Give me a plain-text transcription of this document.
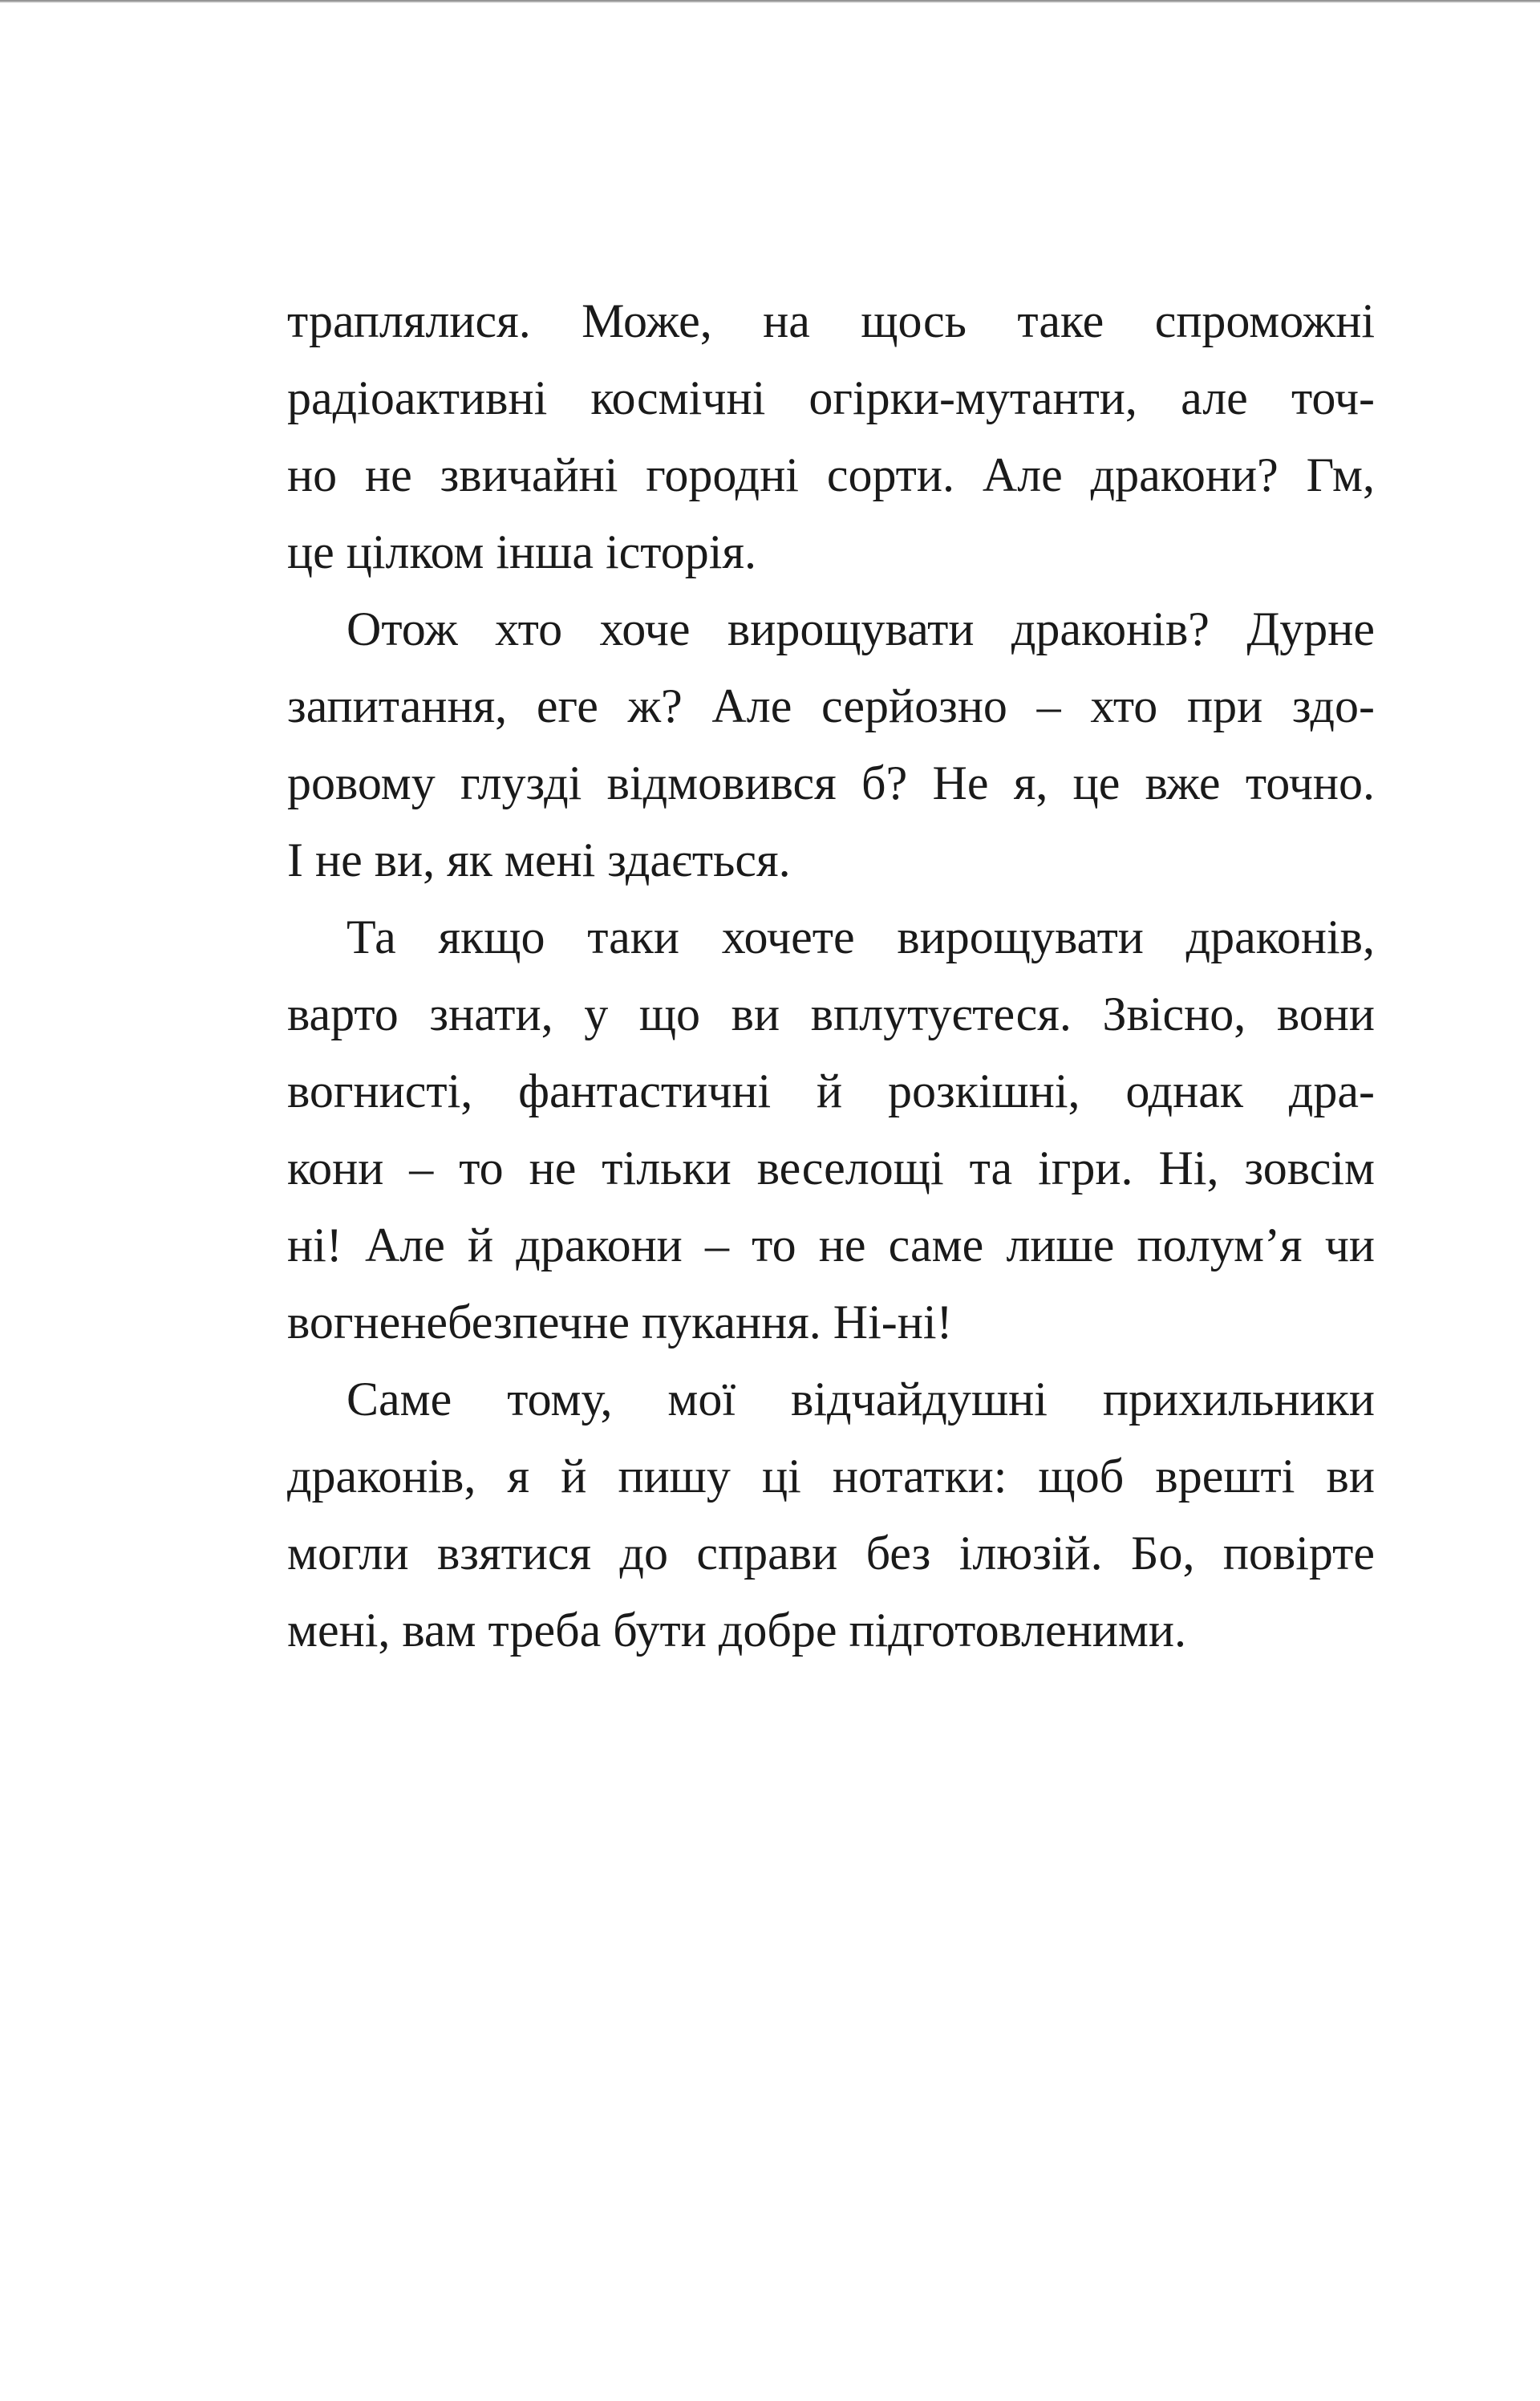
траплялися. Може, на щось таке спроможні
радіоактивні космічні огірки-мутанти, але точ-
но не звичайні городні сорти. Але дракони? Гм,
це цілком інша історія.

Отож хто хоче вирощувати драконів? Дурне
запитання, еге ж? Але серйозно – хто при здо-
ровому глузді відмовився б? Не я, це вже точно.
І не ви, як мені здається.

Та якщо таки хочете вирощувати драконів,
варто знати, у що ви вплутуєтеся. Звісно, вони
вогнисті, фантастичні й розкішні, однак дра-
кони – то не тільки веселощі та ігри. Ні, зовсім
ні! Але й дракони – то не саме лише полум’я чи
вогненебезпечне пукання. Ні-ні!

Саме тому, мої відчайдушні прихильники
драконів, я й пишу ці нотатки: щоб врешті ви
могли взятися до справи без ілюзій. Бо, повірте
мені, вам треба бути добре підготовленими.
